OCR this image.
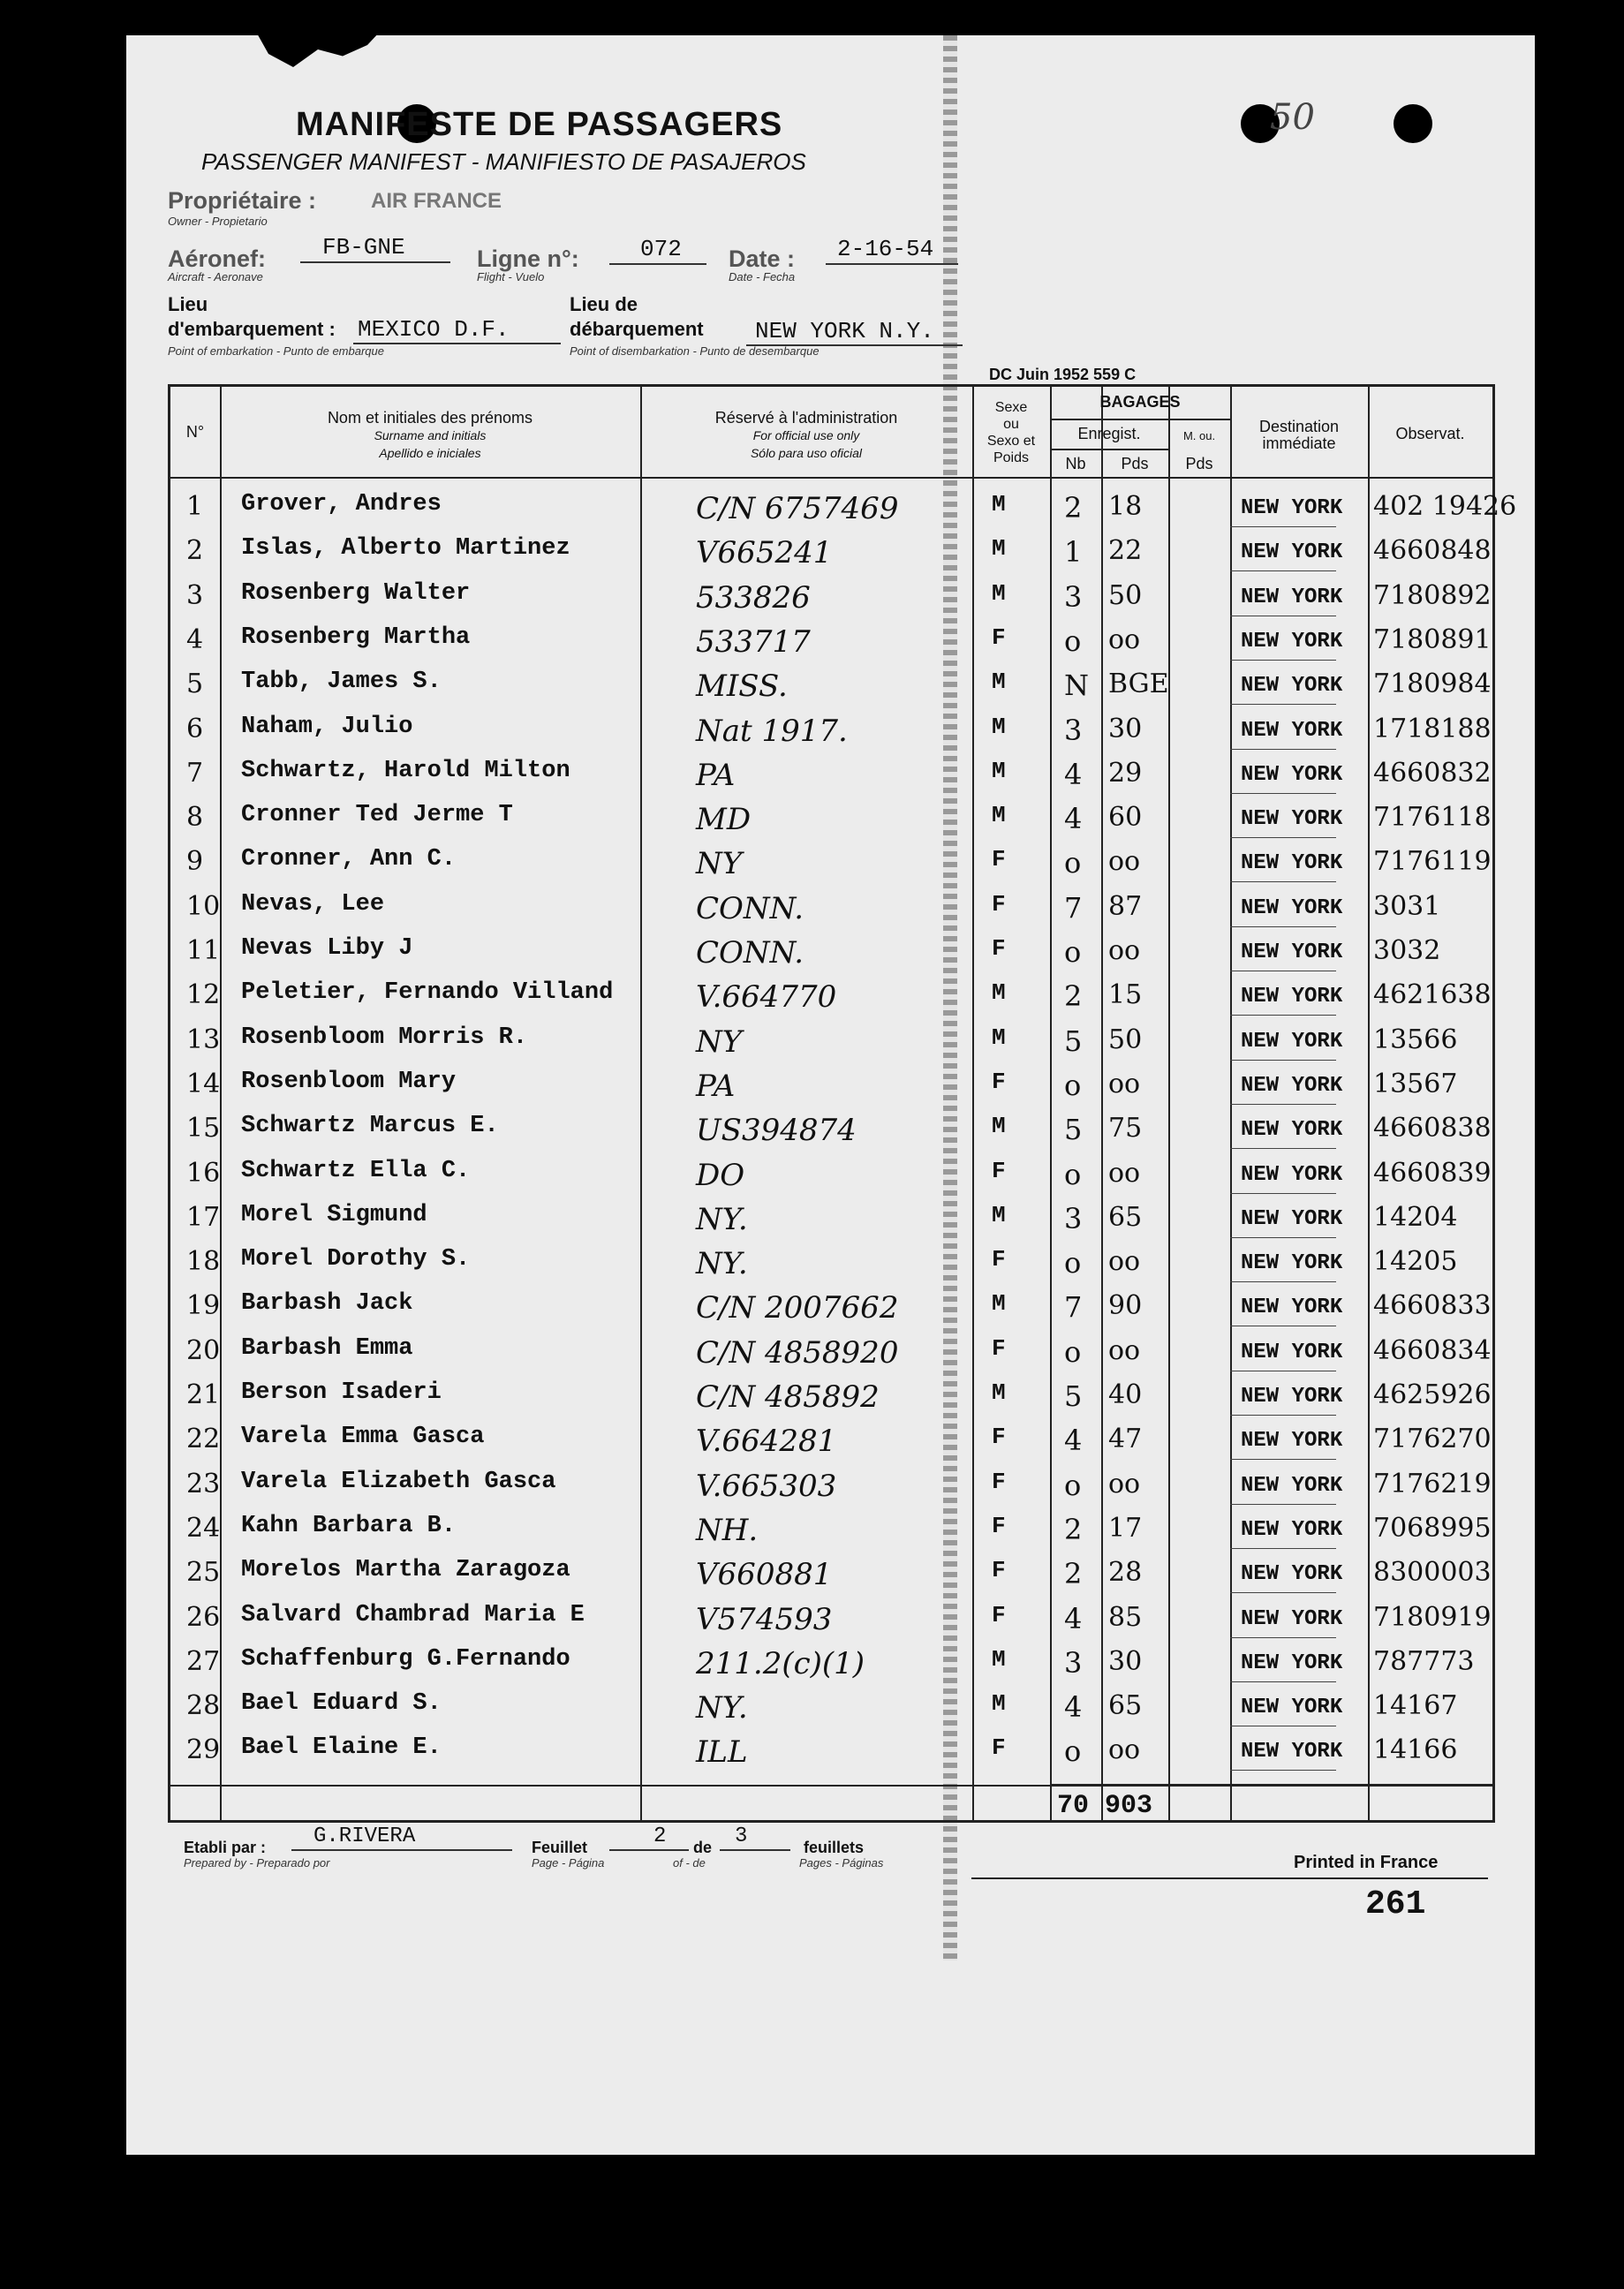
50
MANIFESTE DE PASSAGERS
PASSENGER MANIFEST - MANIFIESTO DE PASAJEROS
Propriétaire :
Owner - Propietario
AIR FRANCE
Aéronef:
Aircraft - Aeronave
FB-GNE	Ligne n°:
Flight - Vuelo
072 Date :
Date - Fecha
2-16-54
Lieu
d'embarquement :
Point of embarkation - Punto de embarque
MEXICO D.F.
Lieu de
débarquement
Point of disembarkation - Punto de desembarque
NEW YORK N.Y.
DC Juin 1952 559 C
N°
Nom et initiales des prénoms
Surname and initials
Apellido e iniciales
Réservé à l'administration
For official use only
Sólo para uso oficial
Sexe
ou
Sexo et
Poids
BAGAGES
Enregist.	M. ou.
Nb	Pds	Pds
Destination
immédiate
Observat.
1 Grover, Andres	C/N 6757469	M 2 18	NEW YORK 402 19426
2 Islas, Alberto Martinez	V665241	M 1 22	NEW YORK 4660848
3 Rosenberg Walter	533826	M 3 50	NEW YORK 7180892
4 Rosenberg Martha	533717	F o oo	NEW YORK 7180891
5 Tabb, James S.	MISS.	M N BGE	NEW YORK 7180984
6 Naham, Julio	Nat 1917.	M 3 30	NEW YORK 1718188
7 Schwartz, Harold Milton	PA	M 4 29	NEW YORK 4660832
8 Cronner Ted Jerme T	MD	M 4 60	NEW YORK 7176118
9 Cronner, Ann C.	NY	F o oo	NEW YORK 7176119
10 Nevas, Lee	CONN.	F 7 87	NEW YORK 3031
11 Nevas Liby J	CONN.	F o oo	NEW YORK 3032
12 Peletier, Fernando Villand	V.664770	M 2 15	NEW YORK 4621638
13 Rosenbloom Morris R.	NY	M 5 50	NEW YORK 13566
14 Rosenbloom Mary	PA	F o oo	NEW YORK 13567
15 Schwartz Marcus E.	US394874	M 5 75	NEW YORK 4660838
16 Schwartz Ella C.	DO	F o oo	NEW YORK 4660839
17 Morel Sigmund	NY.	M 3 65	NEW YORK 14204
18 Morel Dorothy S.	NY.	F o oo	NEW YORK 14205
19 Barbash Jack	C/N 2007662	M 7 90	NEW YORK 4660833
20 Barbash Emma	C/N 4858920	F o oo	NEW YORK 4660834
21 Berson Isaderi	C/N 485892	M 5 40	NEW YORK 4625926
22 Varela Emma Gasca	V.664281	F 4 47	NEW YORK 7176270
23 Varela Elizabeth Gasca	V.665303	F o oo	NEW YORK 7176219
24 Kahn Barbara B.	NH.	F 2 17	NEW YORK 7068995
25 Morelos Martha Zaragoza	V660881	F 2 28	NEW YORK 8300003
26 Salvard Chambrad Maria E	V574593	F 4 85	NEW YORK 7180919
27 Schaffenburg G.Fernando	211.2(c)(1)	M 3 30	NEW YORK 787773
28 Bael Eduard S.	NY.	M 4 65	NEW YORK 14167
29 Bael Elaine E.	ILL	F o oo	NEW YORK 14166
70 903
Etabli par :
Prepared by - Preparado por
G.RIVERA	Feuillet
Page - Página
2 de
of - de
3	feuillets
Pages - Páginas	Printed in France
261
